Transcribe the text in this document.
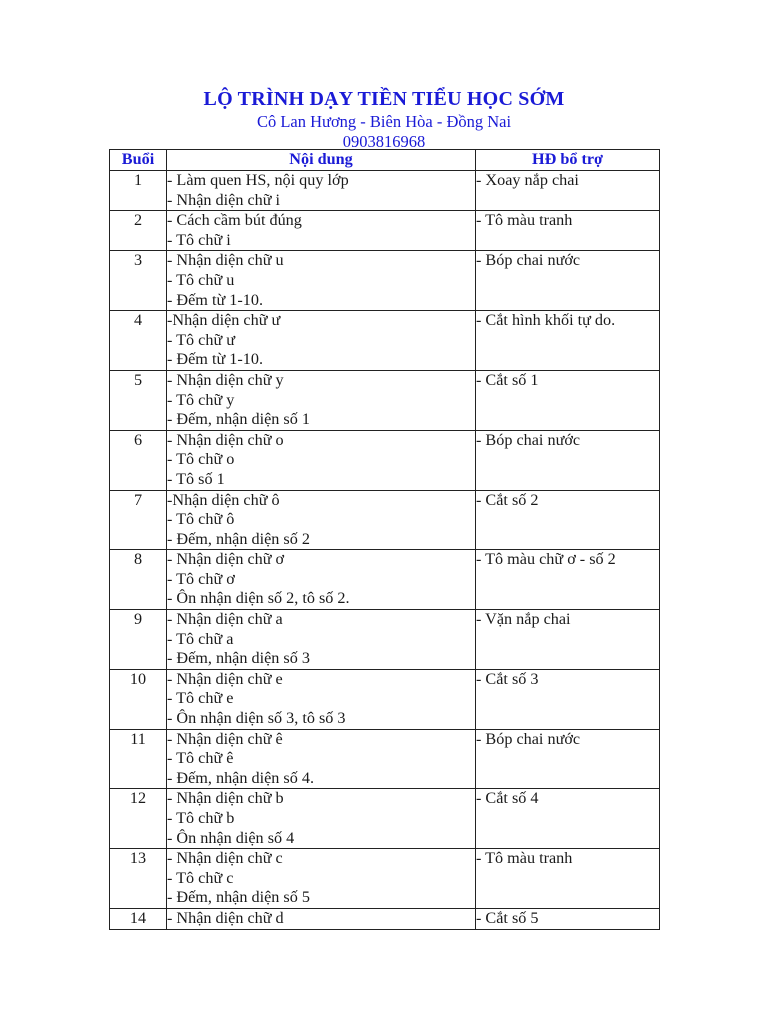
LỘ TRÌNH DẠY TIỀN TIỂU HỌC SỚM
Cô Lan Hương - Biên Hòa - Đồng Nai
0903816968
Buổi	Nội dung	HĐ bổ trợ
1	- Làm quen HS, nội quy lớp
- Nhận diện chữ i	- Xoay nắp chai
2	- Cách cầm bút đúng
- Tô chữ i	- Tô màu tranh
3	- Nhận diện chữ u
- Tô chữ u
- Đếm từ 1-10.	- Bóp chai nước
4	-Nhận diện chữ ư
- Tô chữ ư
- Đếm từ 1-10.	- Cắt hình khối tự do.
5	- Nhận diện chữ y
- Tô chữ y
- Đếm, nhận diện số 1	- Cắt số 1
6	- Nhận diện chữ o
- Tô chữ o
- Tô số 1	- Bóp chai nước
7	-Nhận diện chữ ô
- Tô chữ ô
- Đếm, nhận diện số 2	- Cắt số 2
8	- Nhận diện chữ ơ
- Tô chữ ơ
- Ôn nhận diện số 2, tô số 2.	- Tô màu chữ ơ - số 2
9	- Nhận diện chữ a
- Tô chữ a
- Đếm, nhận diện số 3	- Vặn nắp chai
10	- Nhận diện chữ e
- Tô chữ e
- Ôn nhận diện số 3, tô số 3	- Cắt số 3
11	- Nhận diện chữ ê
- Tô chữ ê
- Đếm, nhận diện số 4.	- Bóp chai nước
12	- Nhận diện chữ b
- Tô chữ b
- Ôn nhận diện số 4	- Cắt số 4
13	- Nhận diện chữ c
- Tô chữ c
- Đếm, nhận diện số 5	- Tô màu tranh
14	- Nhận diện chữ d	- Cắt số 5
